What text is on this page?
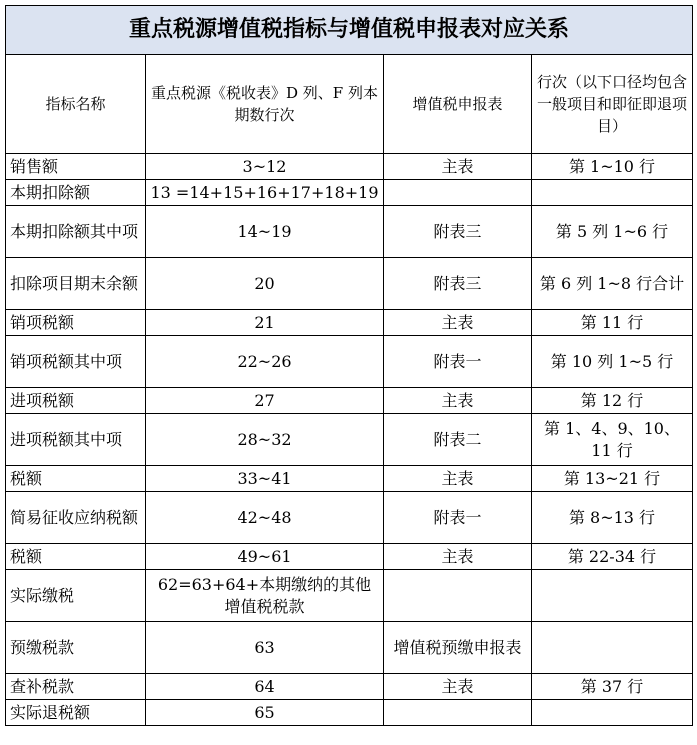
重点税源增值税指标与增值税申报表对应关系			
指标名称	重点税源《税收表》D 列、F 列本期数行次	增值税申报表	行次（以下口径均包含一般项目和即征即退项目）
销售额	3~12	主表	第 1~10 行
本期扣除额	13 =14+15+16+17+18+19		
本期扣除额其中项	14~19	附表三	第 5 列 1~6 行
扣除项目期末余额	20	附表三	第 6 列 1~8 行合计
销项税额	21	主表	第 11 行
销项税额其中项	22~26	附表一	第 10 列 1~5 行
进项税额	27	主表	第 12 行
进项税额其中项	28~32	附表二	第 1、4、9、10、11 行
税额	33~41	主表	第 13~21 行
简易征收应纳税额	42~48	附表一	第 8~13 行
税额	49~61	主表	第 22-34 行
实际缴税	62=63+64+本期缴纳的其他增值税税款		
预缴税款	63	增值税预缴申报表	
查补税款	64	主表	第 37 行
实际退税额	65		
